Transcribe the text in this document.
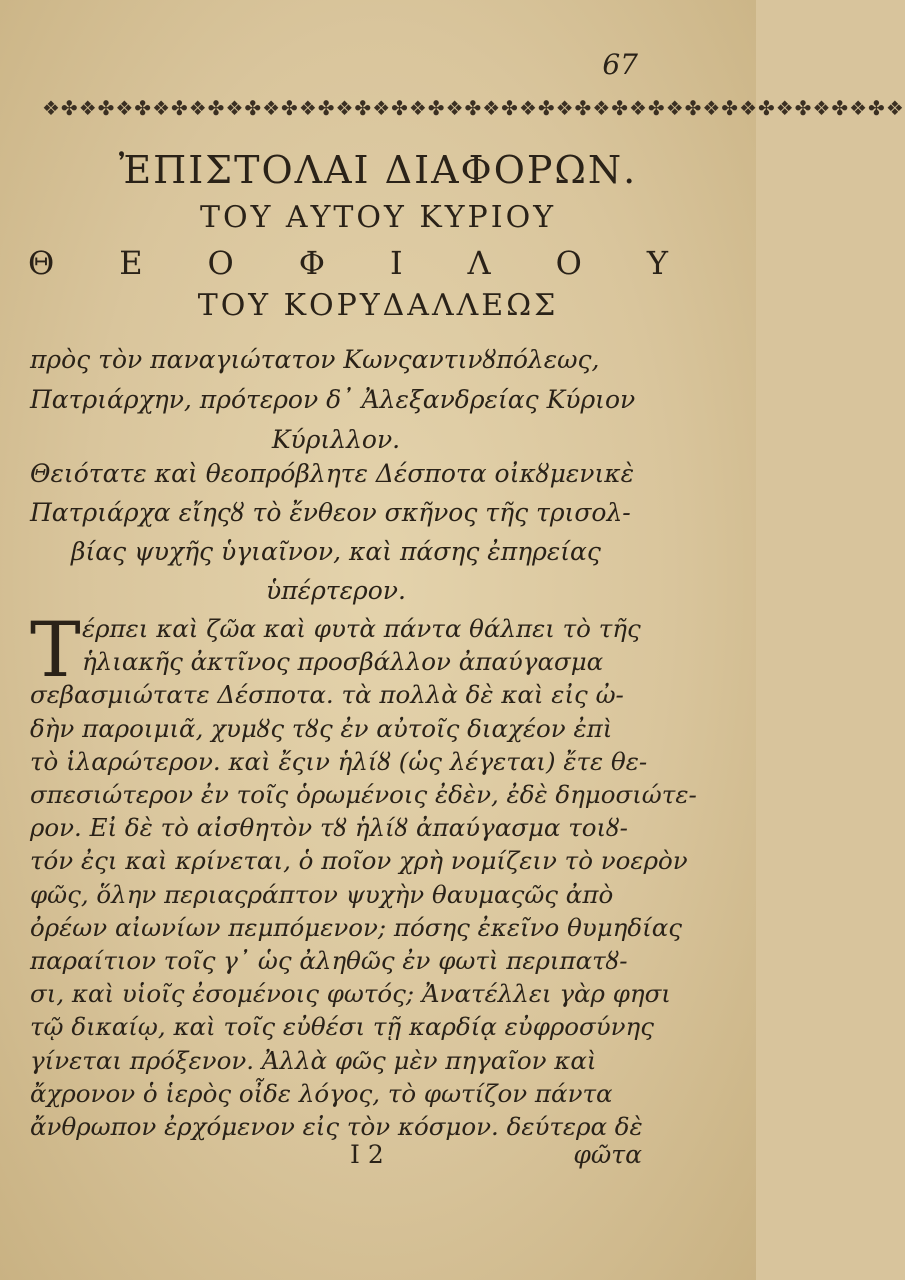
67
❖✤❖✤❖✤❖✤❖✤❖✤❖✤❖✤❖✤❖✤❖✤❖✤❖✤❖✤❖✤❖✤❖✤❖✤❖✤❖✤❖✤❖✤❖✤❖
ἘΠΙΣΤΟΛΑΙ ΔΙΑΦΟΡΩΝ.
ΤΟΥ ΑΥΤΟΥ ΚΥΡΙΟΥ
Θ Ε Ο Φ Ι Λ Ο Υ
ΤΟΥ ΚΟΡΥΔΑΛΛΕΩΣ

πρὸς τὸν παναγιώτατον Κωνςαντινȣπόλεως,

Πατριάρχην, πρότερον δ᾽ Ἀλεξανδρείας Κύριον

Κύριλλον.

Θειότατε καὶ θεοπρόβλητε Δέσποτα οἰκȣμενικὲ

Πατριάρχα εἴηςȣ τὸ ἔνθεον σκῆνος τῆς τρισολ-

βίας ψυχῆς ὑγιαῖνον, καὶ πάσης ἐπηρείας

ὑπέρτερον.

Τ έρπει καὶ ζῶα καὶ φυτὰ πάντα θάλπει τὸ τῆς

ἡλιακῆς ἀκτῖνος προσβάλλον ἀπαύγασμα

σεβασμιώτατε Δέσποτα. τὰ πολλὰ δὲ καὶ εἰς ὠ-

δὴν παροιμιᾶ, χυμȣς τȣς ἐν αὐτοῖς διαχέον ἐπὶ

τὸ ἱλαρώτερον. καὶ ἔςιν ἡλίȣ (ὡς λέγεται) ἔτε θε-

σπεσιώτερον ἐν τοῖς ὁρωμένοις ἐδὲν, ἐδὲ δημοσιώτε-

ρον. Εἰ δὲ τὸ αἰσθητὸν τȣ ἡλίȣ ἀπαύγασμα τοιȣ-

τόν ἐςι καὶ κρίνεται, ὁ ποῖον χρὴ νομίζειν τὸ νοερὸν

φῶς, ὅλην περιαςράπτον ψυχὴν θαυμαςῶς ἀπὸ

ὀρέων αἰωνίων πεμπόμενον; πόσης ἐκεῖνο θυμηδίας

παραίτιον τοῖς γ᾽ ὡς ἀληθῶς ἐν φωτὶ περιπατȣ-

σι, καὶ υἱοῖς ἐσομένοις φωτός; Ἀνατέλλει γὰρ φησι

τῷ δικαίῳ, καὶ τοῖς εὐθέσι τῇ καρδίᾳ εὐφροσύνης

γίνεται πρόξενον. Ἀλλὰ φῶς μὲν πηγαῖον καὶ

ἄχρονον ὁ ἱερὸς οἶδε λόγος, τὸ φωτίζον πάντα

ἄνθρωπον ἐρχόμενον εἰς τὸν κόσμον. δεύτερα δὲ

I 2	φῶτα
